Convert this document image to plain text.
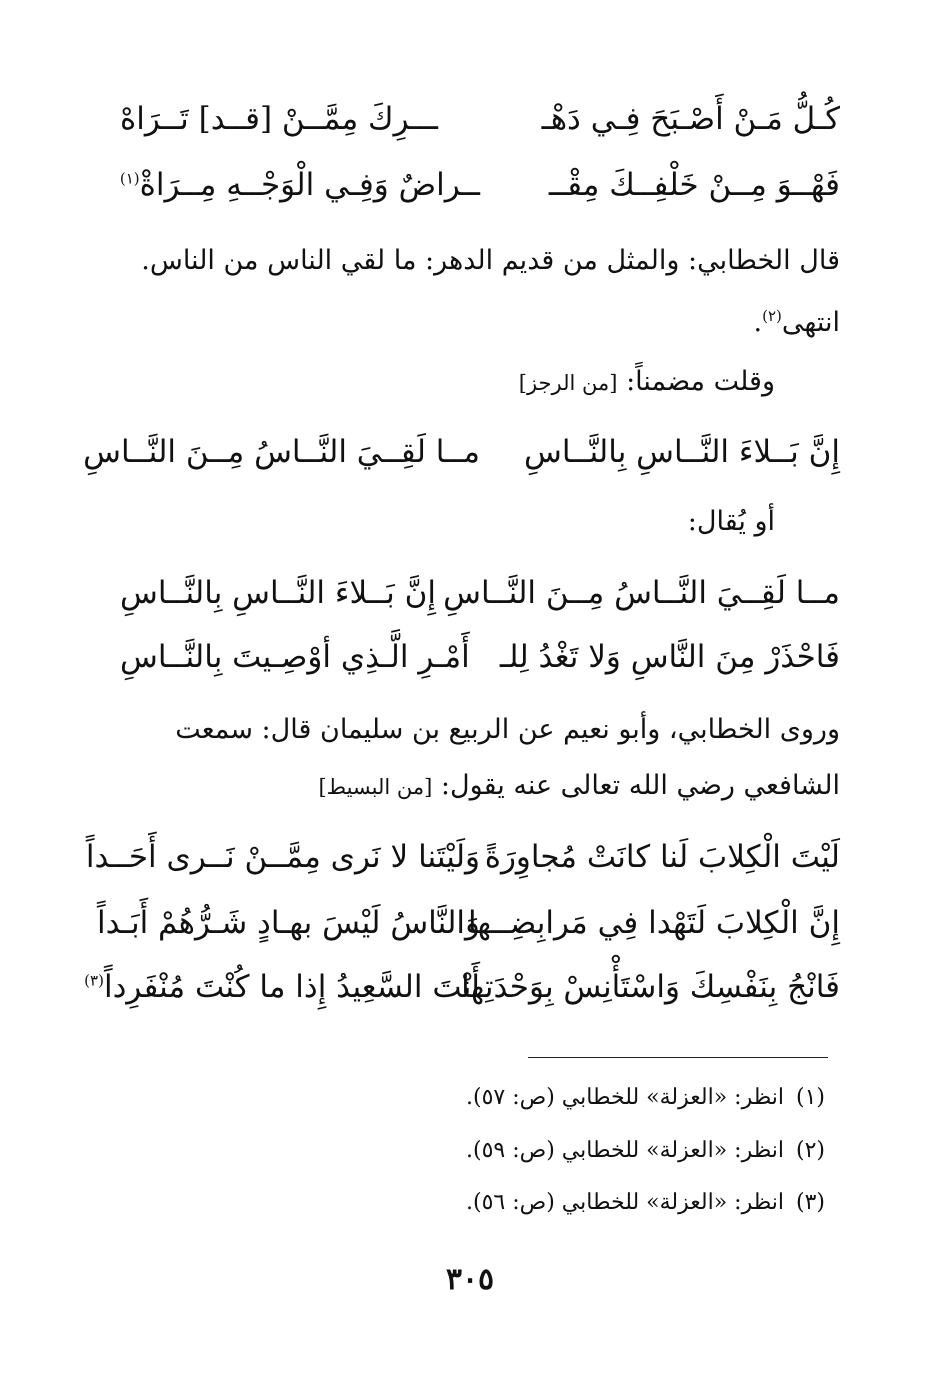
كُـلُّ مَـنْ أَصْـبَحَ فِـي دَهْـ
ـــرِكَ مِمَّــنْ [قــد] تَــرَاهْ
فَهْــوَ مِــنْ خَلْفِــكَ مِقْــ
ــراضٌ وَفِـي الْوَجْــهِ مِــرَاةْ$^{(١)}$
قال الخطابي: والمثل من قديم الدهر: ما لقي الناس من الناس.
انتهى$^{(٢)}$.
وقلت مضمناً: [من الرجز]
إِنَّ بَــلاءَ النَّــاسِ بِالنَّــاسِ
مــا لَقِــيَ النَّــاسُ مِــنَ النَّــاسِ
أو يُقال:
مــا لَقِــيَ النَّــاسُ مِــنَ النَّــاسِ
إِنَّ بَــلاءَ النَّــاسِ بِالنَّــاسِ
فَاحْذَرْ مِنَ النَّاسِ وَلا تَغْدُ لِلـ
أَمْـرِ الَّـذِي أوْصِـيتَ بِالنَّــاسِ
وروى الخطابي، وأبو نعيم عن الربيع بن سليمان قال: سمعت
الشافعي رضي الله تعالى عنه يقول: [من البسيط]
لَيْتَ الْكِلابَ لَنا كانَتْ مُجاوِرَةً
وَلَيْتَنا لا نَرى مِمَّــنْ نَــرى أَحَــداً
إِنَّ الْكِلابَ لَتَهْدا فِي مَرابِضِــها
وَالنَّاسُ لَيْسَ بهـادٍ شَـرُّهُمْ أَبَـداً
فَانْجُ بِنَفْسِكَ وَاسْتَأْنِسْ بِوَحْدَتِها
أَنْتَ السَّعِيدُ إِذا ما كُنْتَ مُنْفَرِداً$^{(٣)}$
(١)انظر: «العزلة» للخطابي (ص: ٥٧).
(٢)انظر: «العزلة» للخطابي (ص: ٥٩).
(٣)انظر: «العزلة» للخطابي (ص: ٥٦).
٣٠٥
